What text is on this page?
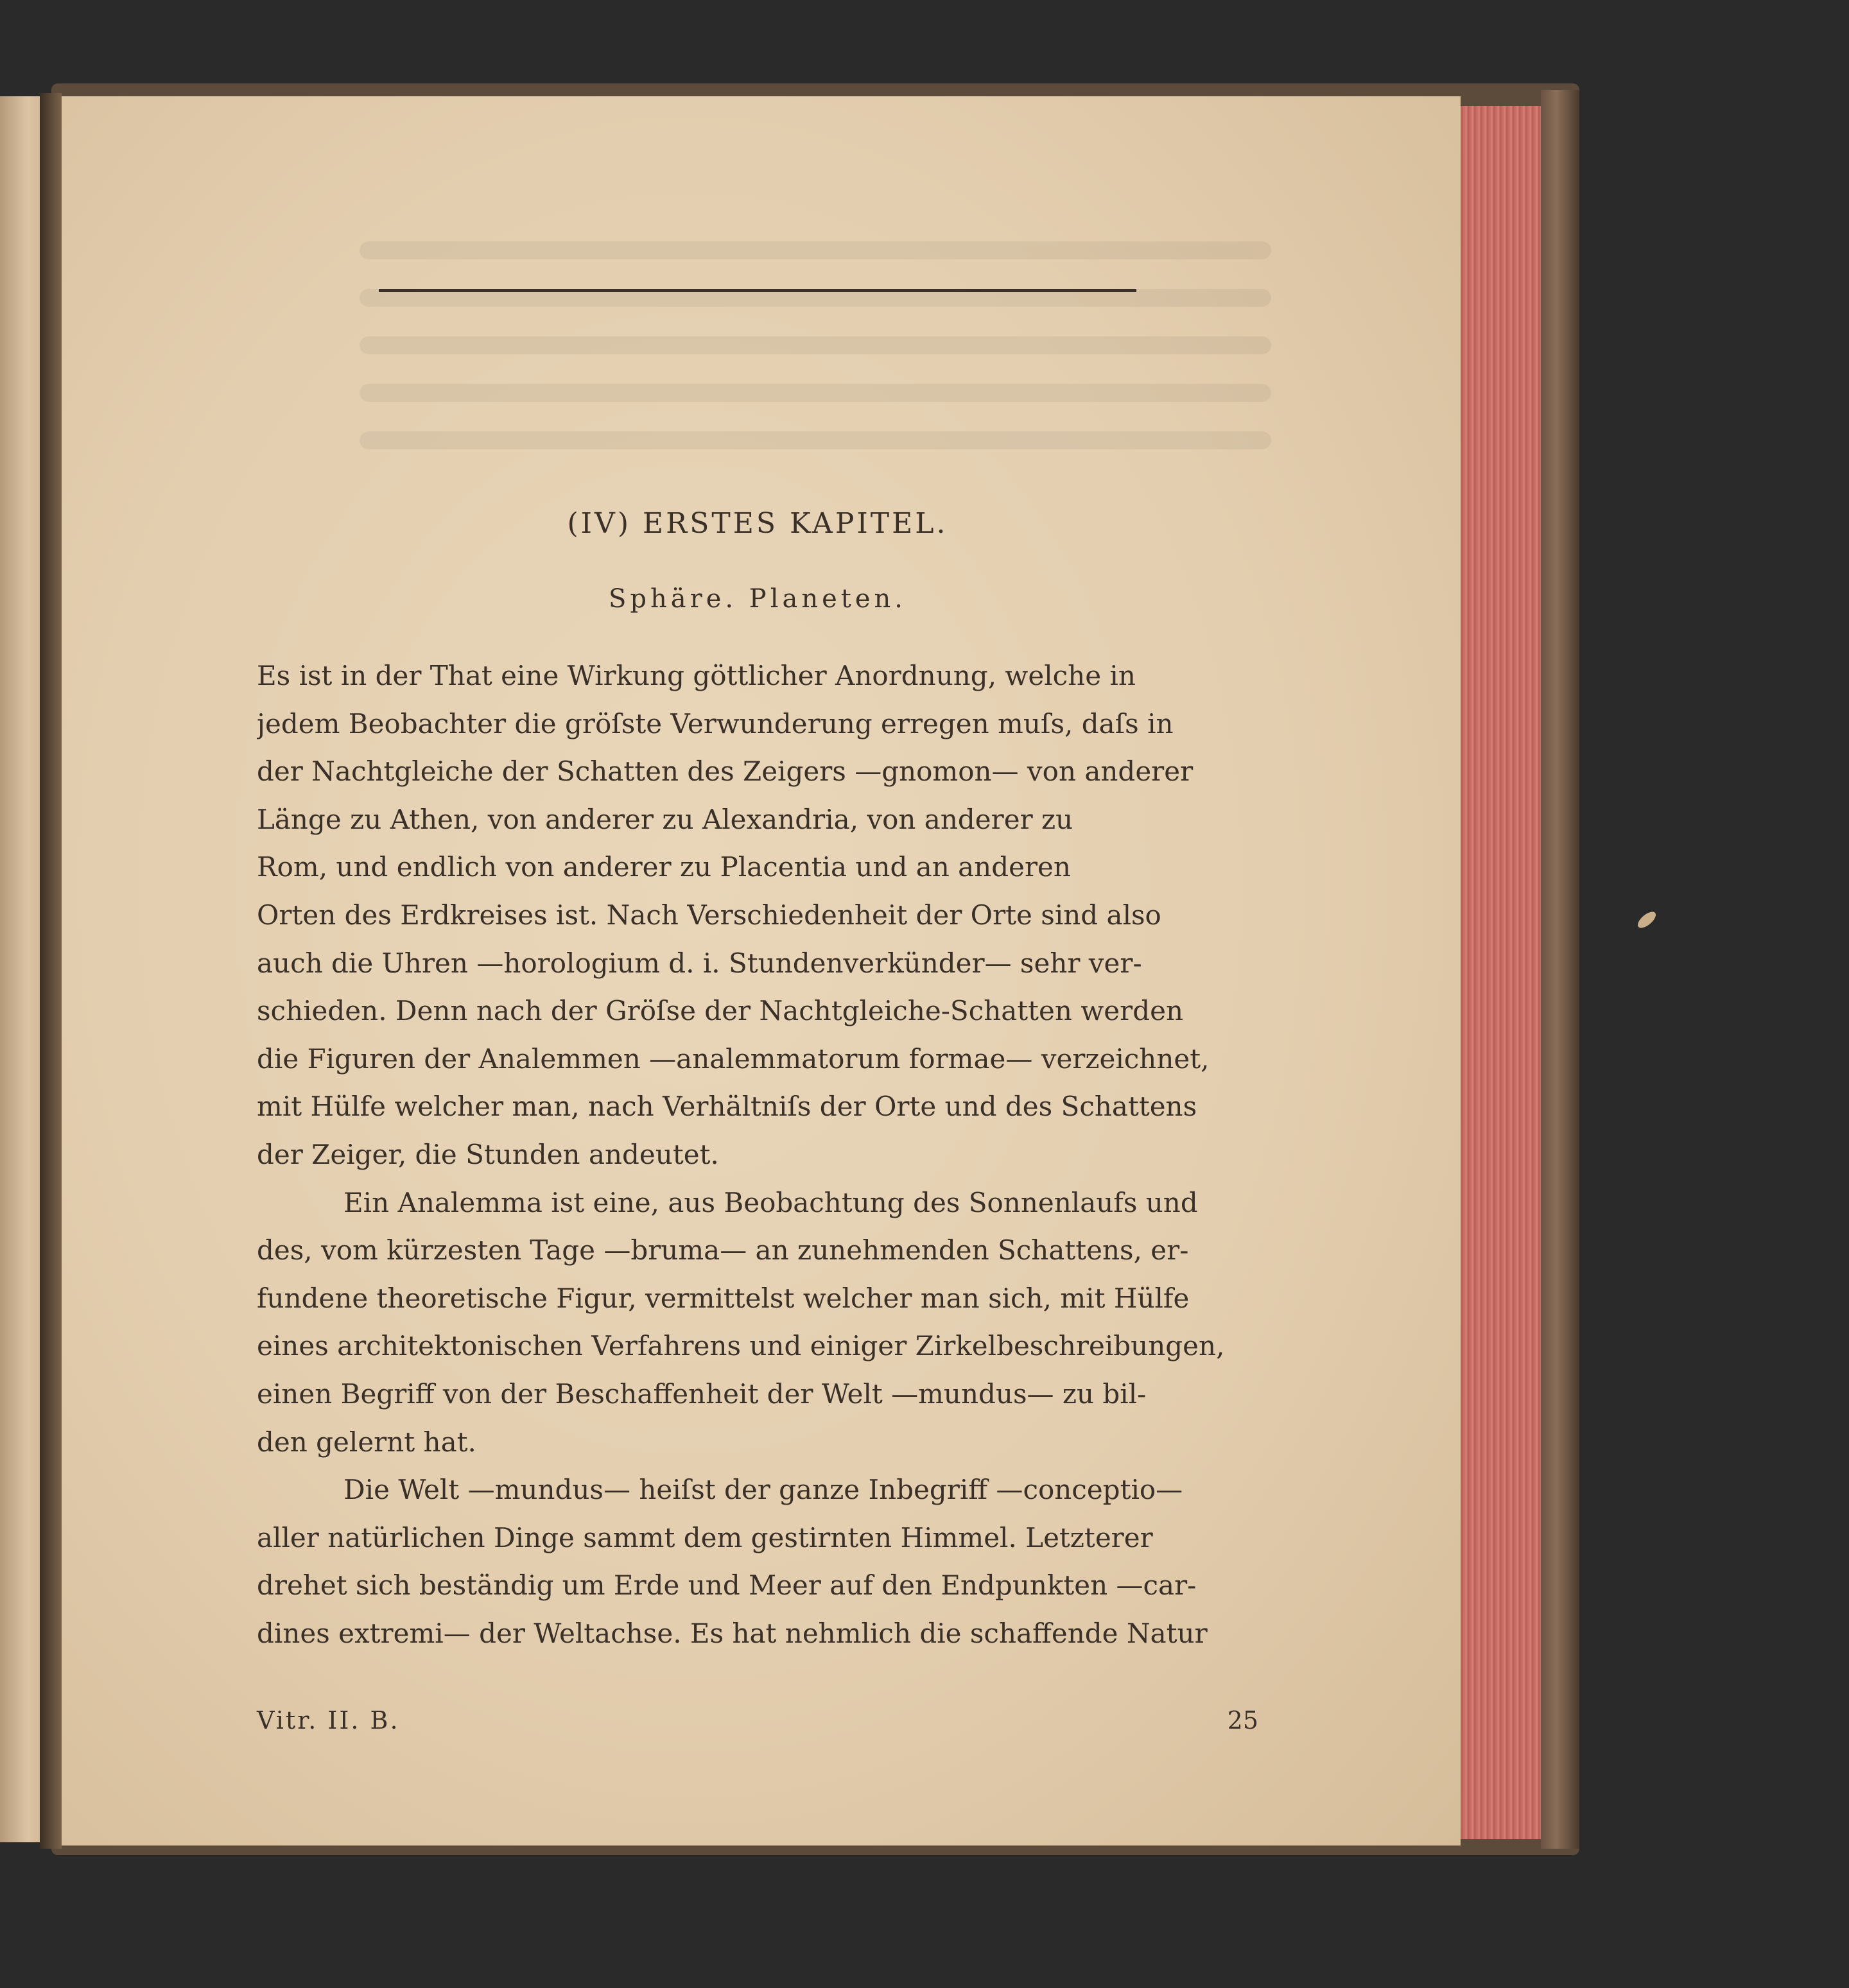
(IV) ERSTES KAPITEL.
Sphäre. Planeten.
Es ist in der That eine Wirkung göttlicher Anordnung, welche in
jedem Beobachter die gröſste Verwunderung erregen muſs, daſs in
der Nachtgleiche der Schatten des Zeigers —gnomon— von anderer
Länge zu Athen, von anderer zu Alexandria, von anderer zu
Rom, und endlich von anderer zu Placentia und an anderen
Orten des Erdkreises ist. Nach Verschiedenheit der Orte sind also
auch die Uhren —horologium d. i. Stundenverkünder— sehr ver-
schieden. Denn nach der Gröſse der Nachtgleiche-Schatten werden
die Figuren der Analemmen —analemmatorum formae— verzeichnet,
mit Hülfe welcher man, nach Verhältniſs der Orte und des Schattens
der Zeiger, die Stunden andeutet.
Ein Analemma ist eine, aus Beobachtung des Sonnenlaufs und
des, vom kürzesten Tage —bruma— an zunehmenden Schattens, er-
fundene theoretische Figur, vermittelst welcher man sich, mit Hülfe
eines architektonischen Verfahrens und einiger Zirkelbeschreibungen,
einen Begriff von der Beschaffenheit der Welt —mundus— zu bil-
den gelernt hat.
Die Welt —mundus— heiſst der ganze Inbegriff —conceptio—
aller natürlichen Dinge sammt dem gestirnten Himmel. Letzterer
drehet sich beständig um Erde und Meer auf den Endpunkten —car-
dines extremi— der Weltachse. Es hat nehmlich die schaffende Natur
Vitr. II. B.	25
